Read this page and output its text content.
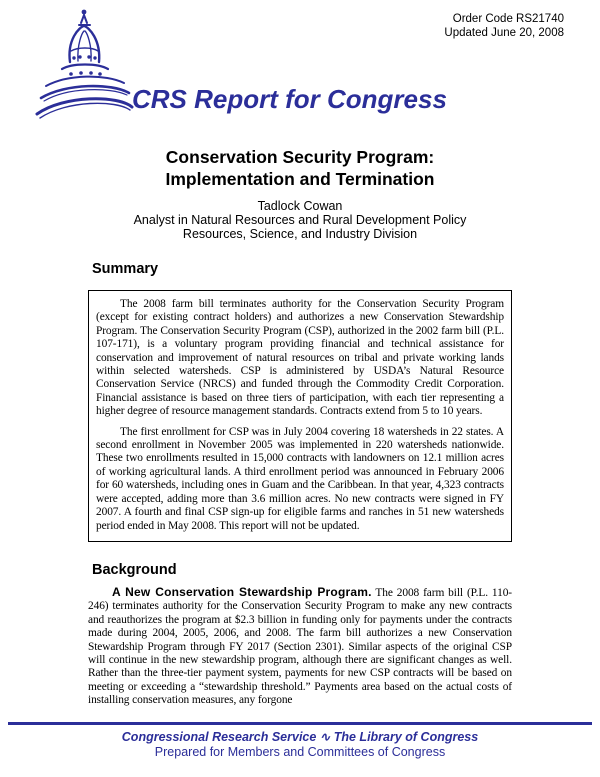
CRS Report for Congress
Order Code RS21740
Updated June 20, 2008
Conservation Security Program:
Implementation and Termination
Tadlock Cowan
Analyst in Natural Resources and Rural Development Policy
Resources, Science, and Industry Division
Summary

The 2008 farm bill terminates authority for the Conservation Security Program (except for existing contract holders) and authorizes a new Conservation Stewardship Program. The Conservation Security Program (CSP), authorized in the 2002 farm bill (P.L. 107-171), is a voluntary program providing financial and technical assistance for conservation and improvement of natural resources on tribal and private working lands within selected watersheds. CSP is administered by USDA’s Natural Resource Conservation Service (NRCS) and funded through the Commodity Credit Corporation. Financial assistance is based on three tiers of participation, with each tier representing a higher degree of resource management standards. Contracts extend from 5 to 10 years.

The first enrollment for CSP was in July 2004 covering 18 watersheds in 22 states. A second enrollment in November 2005 was implemented in 220 watersheds nationwide. These two enrollments resulted in 15,000 contracts with landowners on 12.1 million acres of working agricultural lands. A third enrollment period was announced in February 2006 for 60 watersheds, including ones in Guam and the Caribbean. In that year, 4,323 contracts were accepted, adding more than 3.6 million acres. No new contracts were signed in FY 2007. A fourth and final CSP sign-up for eligible farms and ranches in 51 new watersheds period ended in May 2008. This report will not be updated.

Background

A New Conservation Stewardship Program. The 2008 farm bill (P.L. 110-246) terminates authority for the Conservation Security Program to make any new contracts and reauthorizes the program at $2.3 billion in funding only for payments under the contracts made during 2004, 2005, 2006, and 2008. The farm bill authorizes a new Conservation Stewardship Program through FY 2017 (Section 2301). Similar aspects of the original CSP will continue in the new stewardship program, although there are significant changes as well. Rather than the three-tier payment system, payments for new CSP contracts will be based on meeting or exceeding a “stewardship threshold.” Payments area based on the actual costs of installing conservation measures, any forgone

Congressional Research Service ∿ The Library of Congress
Prepared for Members and Committees of Congress
